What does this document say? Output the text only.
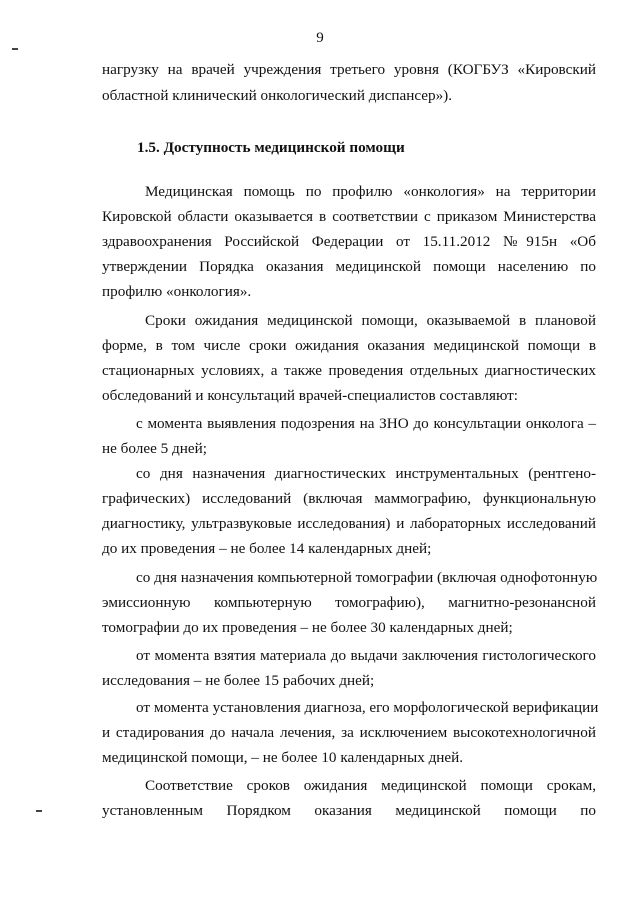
9
нагрузку на врачей учреждения третьего уровня (КОГБУЗ «Кировский
областной клинический онкологический диспансер»).
1.5. Доступность медицинской помощи
Медицинская помощь по профилю «онкология» на территории
Кировской области оказывается в соответствии с приказом Министерства
здравоохранения Российской Федерации от 15.11.2012 №915н «Об
утверждении Порядка оказания медицинской помощи населению по
профилю «онкология».
Сроки ожидания медицинской помощи, оказываемой в плановой
форме, в том числе сроки ожидания оказания медицинской помощи в
стационарных условиях, а также проведения отдельных диагностических
обследований и консультаций врачей-специалистов составляют:
с момента выявления подозрения на ЗНО до консультации онколога –
не более 5 дней;
со дня назначения диагностических инструментальных (рентгено-
графических) исследований (включая маммографию, функциональную
диагностику, ультразвуковые исследования) и лабораторных исследований
до их проведения – не более 14 календарных дней;
со дня назначения компьютерной томографии (включая однофотонную
эмиссионную компьютерную томографию), магнитно-резонансной
томографии до их проведения – не более 30 календарных дней;
от момента взятия материала до выдачи заключения гистологического
исследования – не более 15 рабочих дней;
от момента установления диагноза, его морфологической верификации
и стадирования до начала лечения, за исключением высокотехнологичной
медицинской помощи, – не более 10 календарных дней.
Соответствие сроков ожидания медицинской помощи срокам,
установленным Порядком оказания медицинской помощи по
